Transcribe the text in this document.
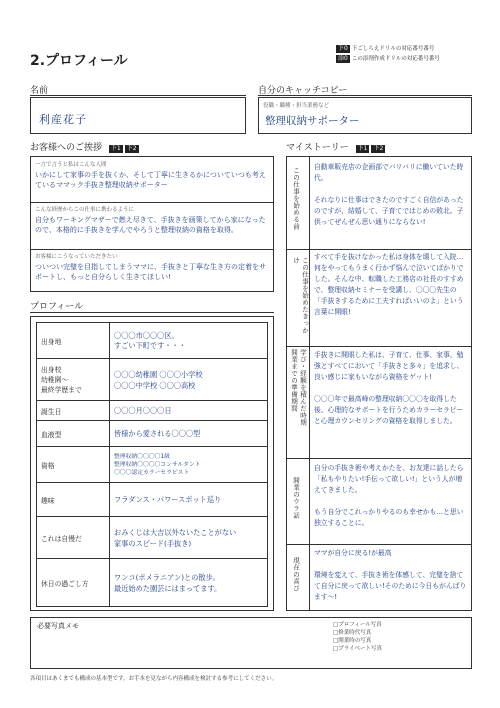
2.プロフィール
下0 下ごしらえドリルの対応番号番号
添0 この添削作成ドリルの対応番号番号
名前
利産花子
自分のキャッチコピー
役職・職種・担当業務など
整理収納サポーター
お客様へのご挨拶 下1 下2
一言で言うと私はこんな人間
いかにして家事の手を抜くか、そして丁寧に生きるかについていつも考えているママック手抜き整理収納サポーター
こんな経歴からこの仕事に携わるように
自分もワーキングマザーで燃え尽きて、手抜きを画策してから家になったので、本格的に手抜きを学んでやろうと整理収納の資格を取得。
お客様にこうなっていただきたい
ついつい完璧を目指してしまうママに、手抜きと丁寧な生き方の定着をサポートし、もっと自分らしく生きてほしい!
プロフィール
出身地	〇〇〇市〇〇〇区。
すごい下町です・・・
出身校
幼稚園〜
最終学歴まで	〇〇〇幼稚園 〇〇〇小学校
〇〇〇中学校 〇〇〇高校
誕生日	〇〇〇月〇〇〇日
血液型	皆様から愛される〇〇〇型
資格	整理収納〇〇〇〇1級
整理収納〇〇〇〇コンサルタント
〇〇〇認定カラーセラピスト
趣味	フラダンス・パワースポット巡り
これは自慢だ	おみくじは大吉以外ないたことがない
家事のスピード(手抜き)
休日の過ごし方	ワンコ(ポメラニアン)との散歩。
最近始めた園芸にはまってます。
マイストーリー 下1 下2
この仕事を始める前 自動車販売店の企画部でバリバリに働いていた時代。

それなりに仕事はできたのですごく自信があったのですが、結婚して、子育てではじめの敗北。子供ってぜんぜん思い通りにならない!
この仕事を始めたきっかけ	すべて手を抜けなかった私は身体を壊して入院… 何をやってもうまく行かず悩んで泣いてばかりでした。そんな中、転職した工務店の社長のすすめで、整理収納セミナーを受講し、〇〇〇先生の「手抜きするために工夫すればいいのよ」という言葉に開眼!
学び・経験を積んだ時期
開業までの準備期間	手抜きに開眼した私は、子育て、仕事、家事、勉強とすべてにおいて「手抜きと多々」を追求し、良い感じに家もいながら資格をゲット!

〇〇〇年で最高峰の整理収納〇〇〇を取得した後、心理的なサポートを行うためカラーセラピーと心理カウンセリングの資格を取得しました。
開業のウラ話
自分の手抜き術や考えかたを、お友達に話したら「私もやりたい!手伝って欲しい!」という人が増えてきました。

もう自分でこれっかりやるのも幸せかも…と思い独立することに。
現在の喜び
ママが自分に戻る!が最高

環境を変えて、手抜き術を体感して、完璧を捨てて自分に戻って欲しい!そのために今日もがんばります〜!
必要写真メモ	□プロフィール写真
□修業時代写真
□開業時の写真
□プライベート写真
各項目はあくまでも構成の基本型です。お手本を見ながら内容構成を検討する参考にしてください。
